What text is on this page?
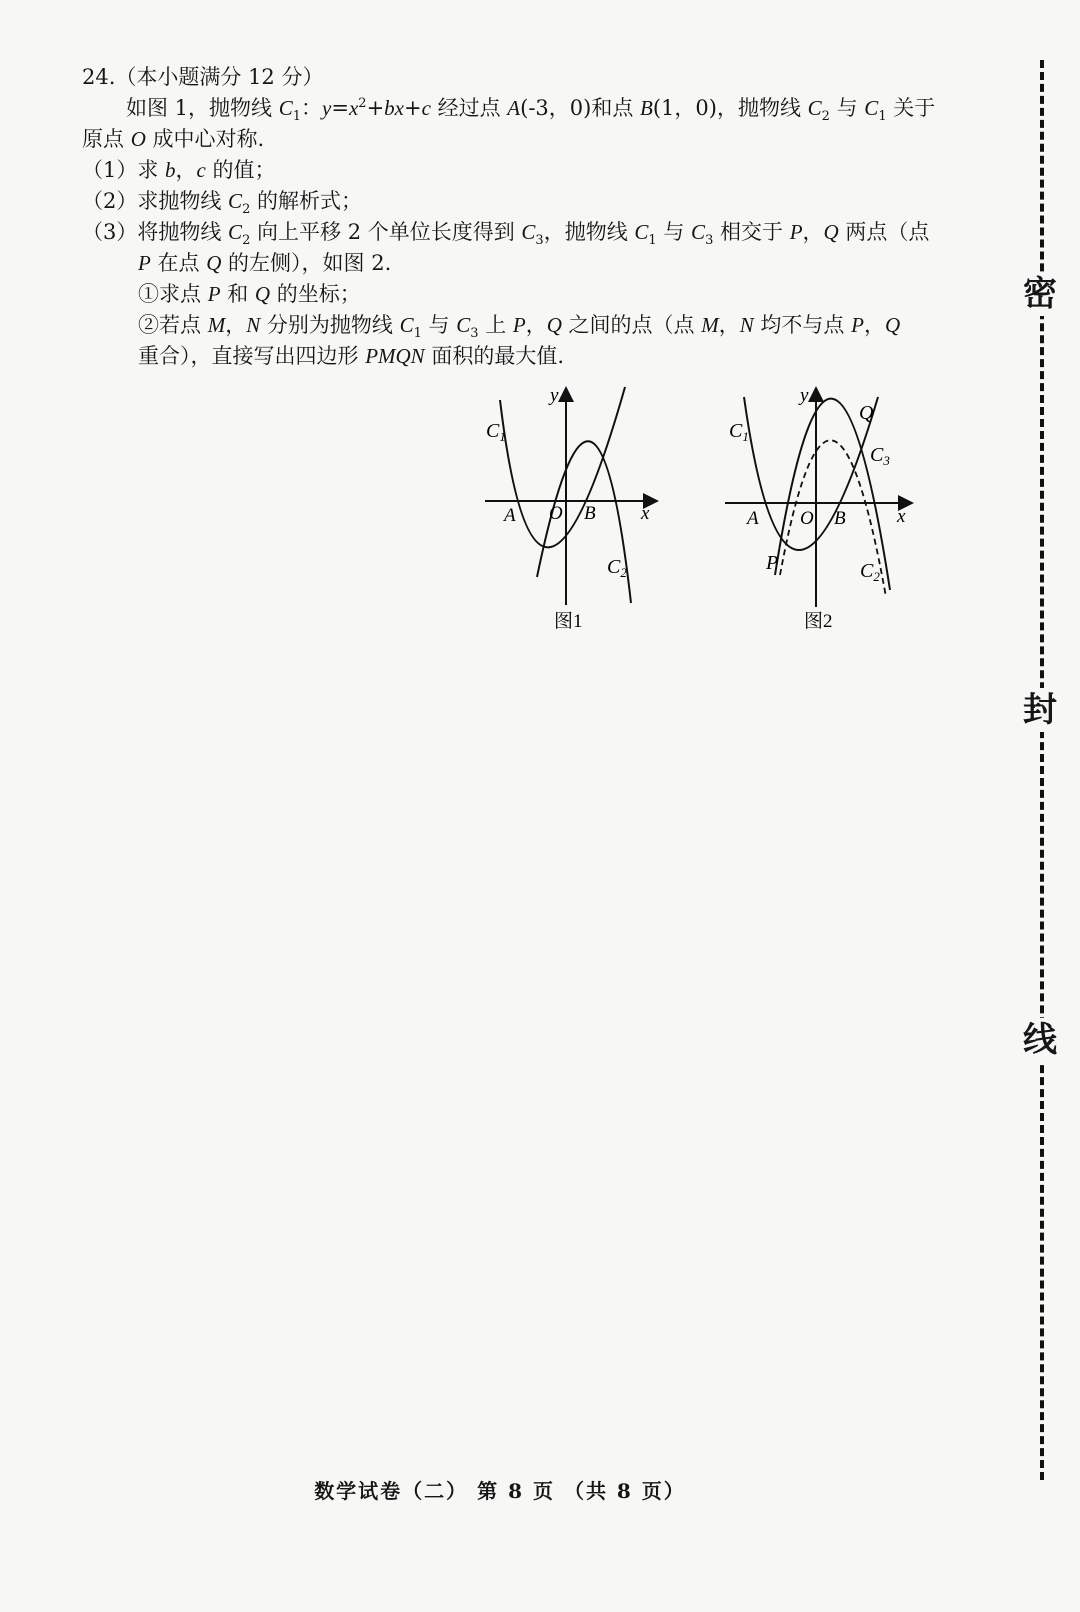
24.（本小题满分 12 分）
如图 1，抛物线 $C_1$：$y=x^2+bx+c$ 经过点 A(-3，0)和点 B(1，0)，抛物线 $C_2$ 与 $C_1$ 关于
原点 O 成中心对称.
（1）求 b，c 的值；
（2）求抛物线 $C_2$ 的解析式；
（3）将抛物线 $C_2$ 向上平移 2 个单位长度得到 $C_3$，抛物线 $C_1$ 与 $C_3$ 相交于 P，Q 两点（点
P 在点 Q 的左侧），如图 2.
①求点 P 和 Q 的坐标；
②若点 M，N 分别为抛物线 $C_1$ 与 $C_3$ 上 P，Q 之间的点（点 M，N 均不与点 P，Q
重合），直接写出四边形 PMQN 面积的最大值.
$C_1$
$C_2$
y
x
A O B
图1
$C_1$
$C_3$
$C_2$
Q
P
y
x
A O B
图2
密
封
线
数学试卷（二） 第 8 页 （共 8 页）
